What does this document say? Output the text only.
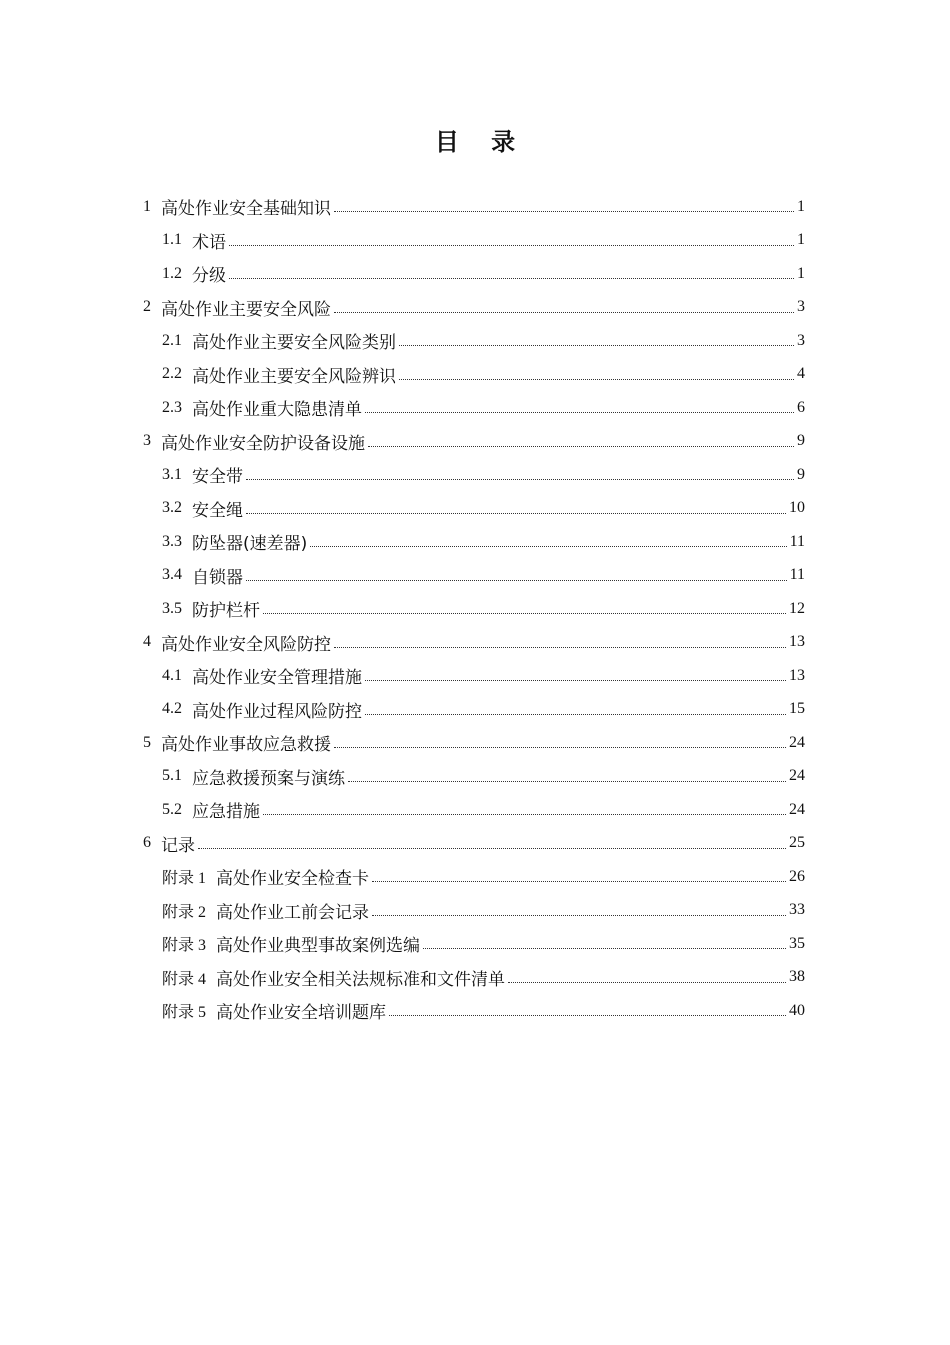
目 录
1 高处作业安全基础知识	1
1.1 术语	1
1.2 分级	1
2 高处作业主要安全风险	3
2.1 高处作业主要安全风险类别	3
2.2 高处作业主要安全风险辨识	4
2.3 高处作业重大隐患清单	6
3 高处作业安全防护设备设施	9
3.1 安全带	9
3.2 安全绳	10
3.3 防坠器(速差器)	11
3.4 自锁器	11
3.5 防护栏杆	12
4 高处作业安全风险防控	13
4.1 高处作业安全管理措施	13
4.2 高处作业过程风险防控	15
5 高处作业事故应急救援	24
5.1 应急救援预案与演练	24
5.2 应急措施	24
6 记录	25
附录 1 高处作业安全检查卡	26
附录 2 高处作业工前会记录	33
附录 3 高处作业典型事故案例选编	35
附录 4 高处作业安全相关法规标准和文件清单	38
附录 5 高处作业安全培训题库	40
